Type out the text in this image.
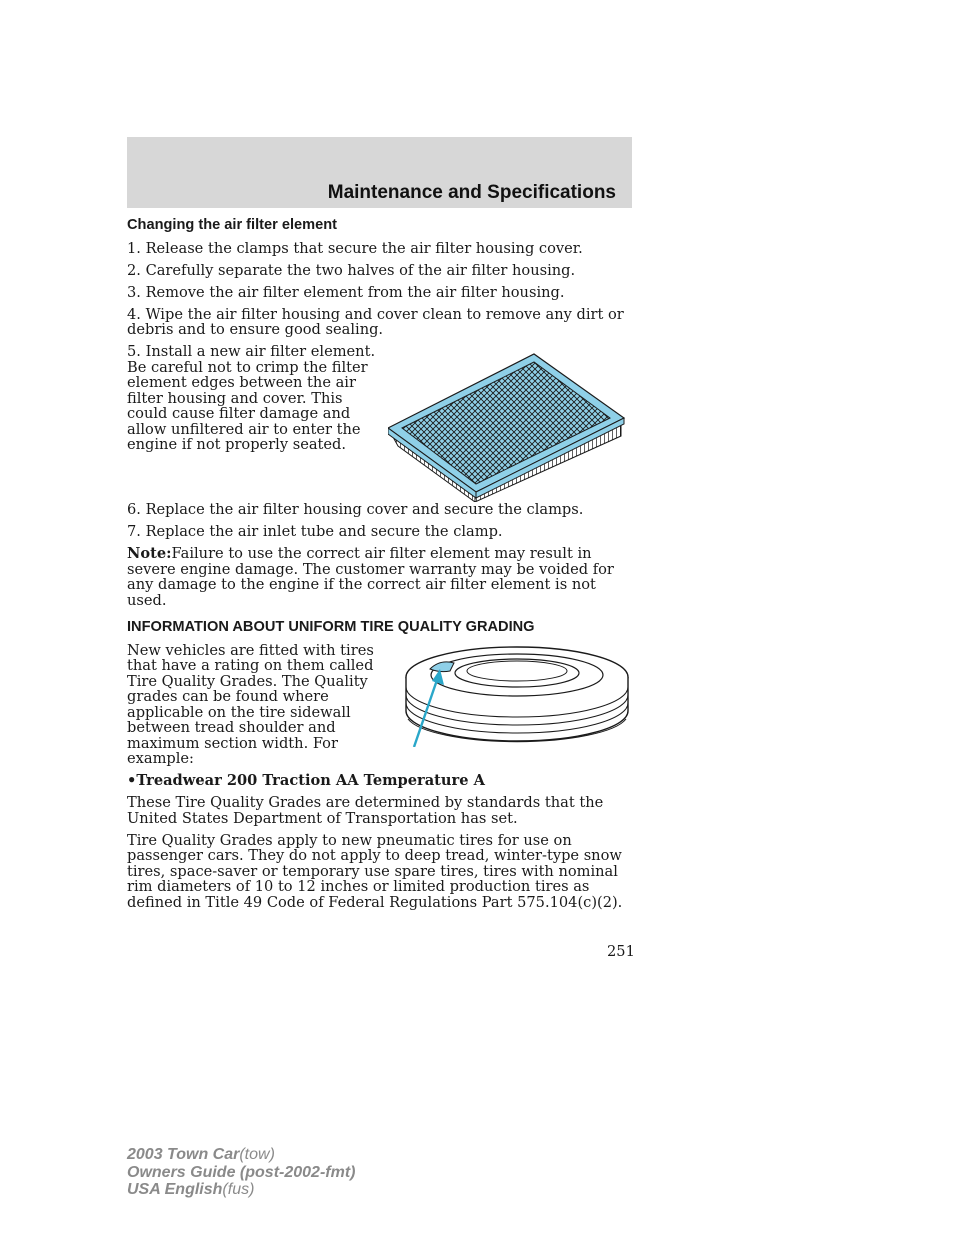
Maintenance and Specifications
Changing the air filter element

1. Release the clamps that secure the air filter housing cover.

2. Carefully separate the two halves of the air filter housing.

3. Remove the air filter element from the air filter housing.

4. Wipe the air filter housing and cover clean to remove any dirt or debris and to ensure good sealing.

5. Install a new air filter element. Be careful not to crimp the filter element edges between the air filter housing and cover. This could cause filter damage and allow unfiltered air to enter the engine if not properly seated.

6. Replace the air filter housing cover and secure the clamps.

7. Replace the air inlet tube and secure the clamp.

Note:Failure to use the correct air filter element may result in severe engine damage. The customer warranty may be voided for any damage to the engine if the correct air filter element is not used.

INFORMATION ABOUT UNIFORM TIRE QUALITY GRADING

New vehicles are fitted with tires that have a rating on them called Tire Quality Grades. The Quality grades can be found where applicable on the tire sidewall between tread shoulder and maximum section width. For example:

•Treadwear 200 Traction AA Temperature A

These Tire Quality Grades are determined by standards that the United States Department of Transportation has set.

Tire Quality Grades apply to new pneumatic tires for use on passenger cars. They do not apply to deep tread, winter-type snow tires, space-saver or temporary use spare tires, tires with nominal rim diameters of 10 to 12 inches or limited production tires as defined in Title 49 Code of Federal Regulations Part 575.104(c)(2).

251
2003 Town Car(tow)
Owners Guide (post-2002-fmt)
USA English(fus)
